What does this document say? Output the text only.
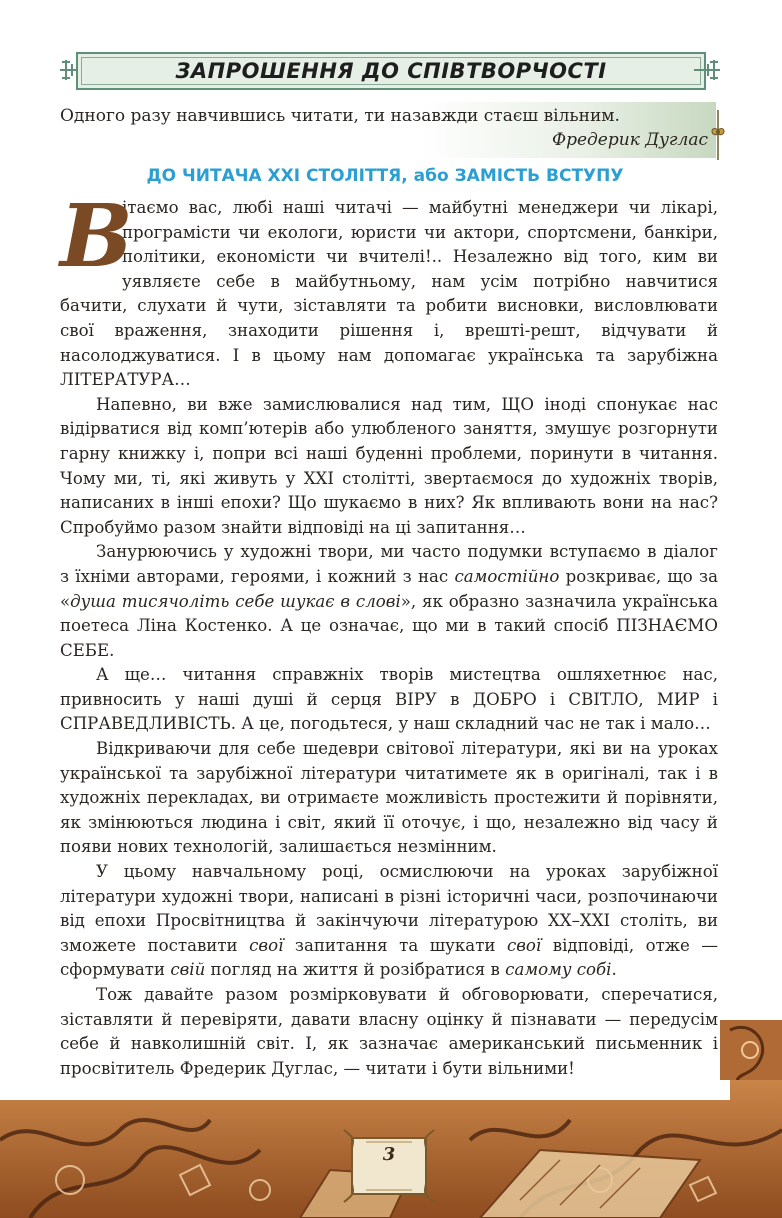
ЗАПРОШЕННЯ ДО СПІВТВОРЧОСТІ
Одного разу навчившись читати, ти назавжди стаєш вільним.
Фредерик Дуглас
ДО ЧИТАЧА ХХІ СТОЛІТТЯ, або ЗАМІСТЬ ВСТУПУ

В
ітаємо вас, любі наші читачі — майбутні менеджери чи лікарі, програмісти чи екологи, юристи чи актори, спортсмени, банкіри, політики, економісти чи вчителі!.. Незалежно від того, ким ви уявляєте себе в майбутньому, нам усім потрібно навчитися бачити, слухати й чути, зіставляти та робити висновки, висловлювати свої враження, знаходити рішення і, врешті-решт, відчувати й насолоджуватися. І в цьому нам допомагає українська та зарубіжна ЛІТЕРАТУРА…

Напевно, ви вже замислювалися над тим, ЩО іноді спонукає нас відірватися від комп’ютерів або улюбленого заняття, змушує розгорнути гарну книжку і, попри всі наші буденні проблеми, поринути в читання. Чому ми, ті, які живуть у XXI столітті, звертаємося до художніх творів, написаних в інші епохи? Що шукаємо в них? Як впливають вони на нас? Спробуймо разом знайти відповіді на ці запитання…

Занурюючись у художні твори, ми часто подумки вступаємо в діалог з їхніми авторами, героями, і кожний з нас самостійно розкриває, що за «душа тисячоліть себе шукає в слові», як образно зазначила українська поетеса Ліна Костенко. А це означає, що ми в такий спосіб ПІЗНАЄМО СЕБЕ.

А ще… читання справжніх творів мистецтва ошляхетнює нас, привносить у наші душі й серця ВІРУ в ДОБРО і СВІТЛО, МИР і СПРАВЕДЛИВІСТЬ. А це, погодьтеся, у наш складний час не так і мало…

Відкриваючи для себе шедеври світової літератури, які ви на уроках української та зарубіжної літератури читатимете як в оригіналі, так і в художніх перекладах, ви отримаєте можливість простежити й порівняти, як змінюються людина і світ, який її оточує, і що, незалежно від часу й появи нових технологій, залишається незмінним.

У цьому навчальному році, осмислюючи на уроках зарубіжної літератури художні твори, написані в різні історичні часи, розпочинаючи від епохи Просвітництва й закінчуючи літературою XX–XXI століть, ви зможете поставити свої запитання та шукати свої відповіді, отже — сформувати свій погляд на життя й розібратися в самому собі.

Тож давайте разом розмірковувати й обговорювати, сперечатися, зіставляти й перевіряти, давати власну оцінку й пізнавати — передусім себе й навколишній світ. І, як зазначає американський письменник і просвітитель Фредерик Дуглас, — читати і бути вільними!

3
